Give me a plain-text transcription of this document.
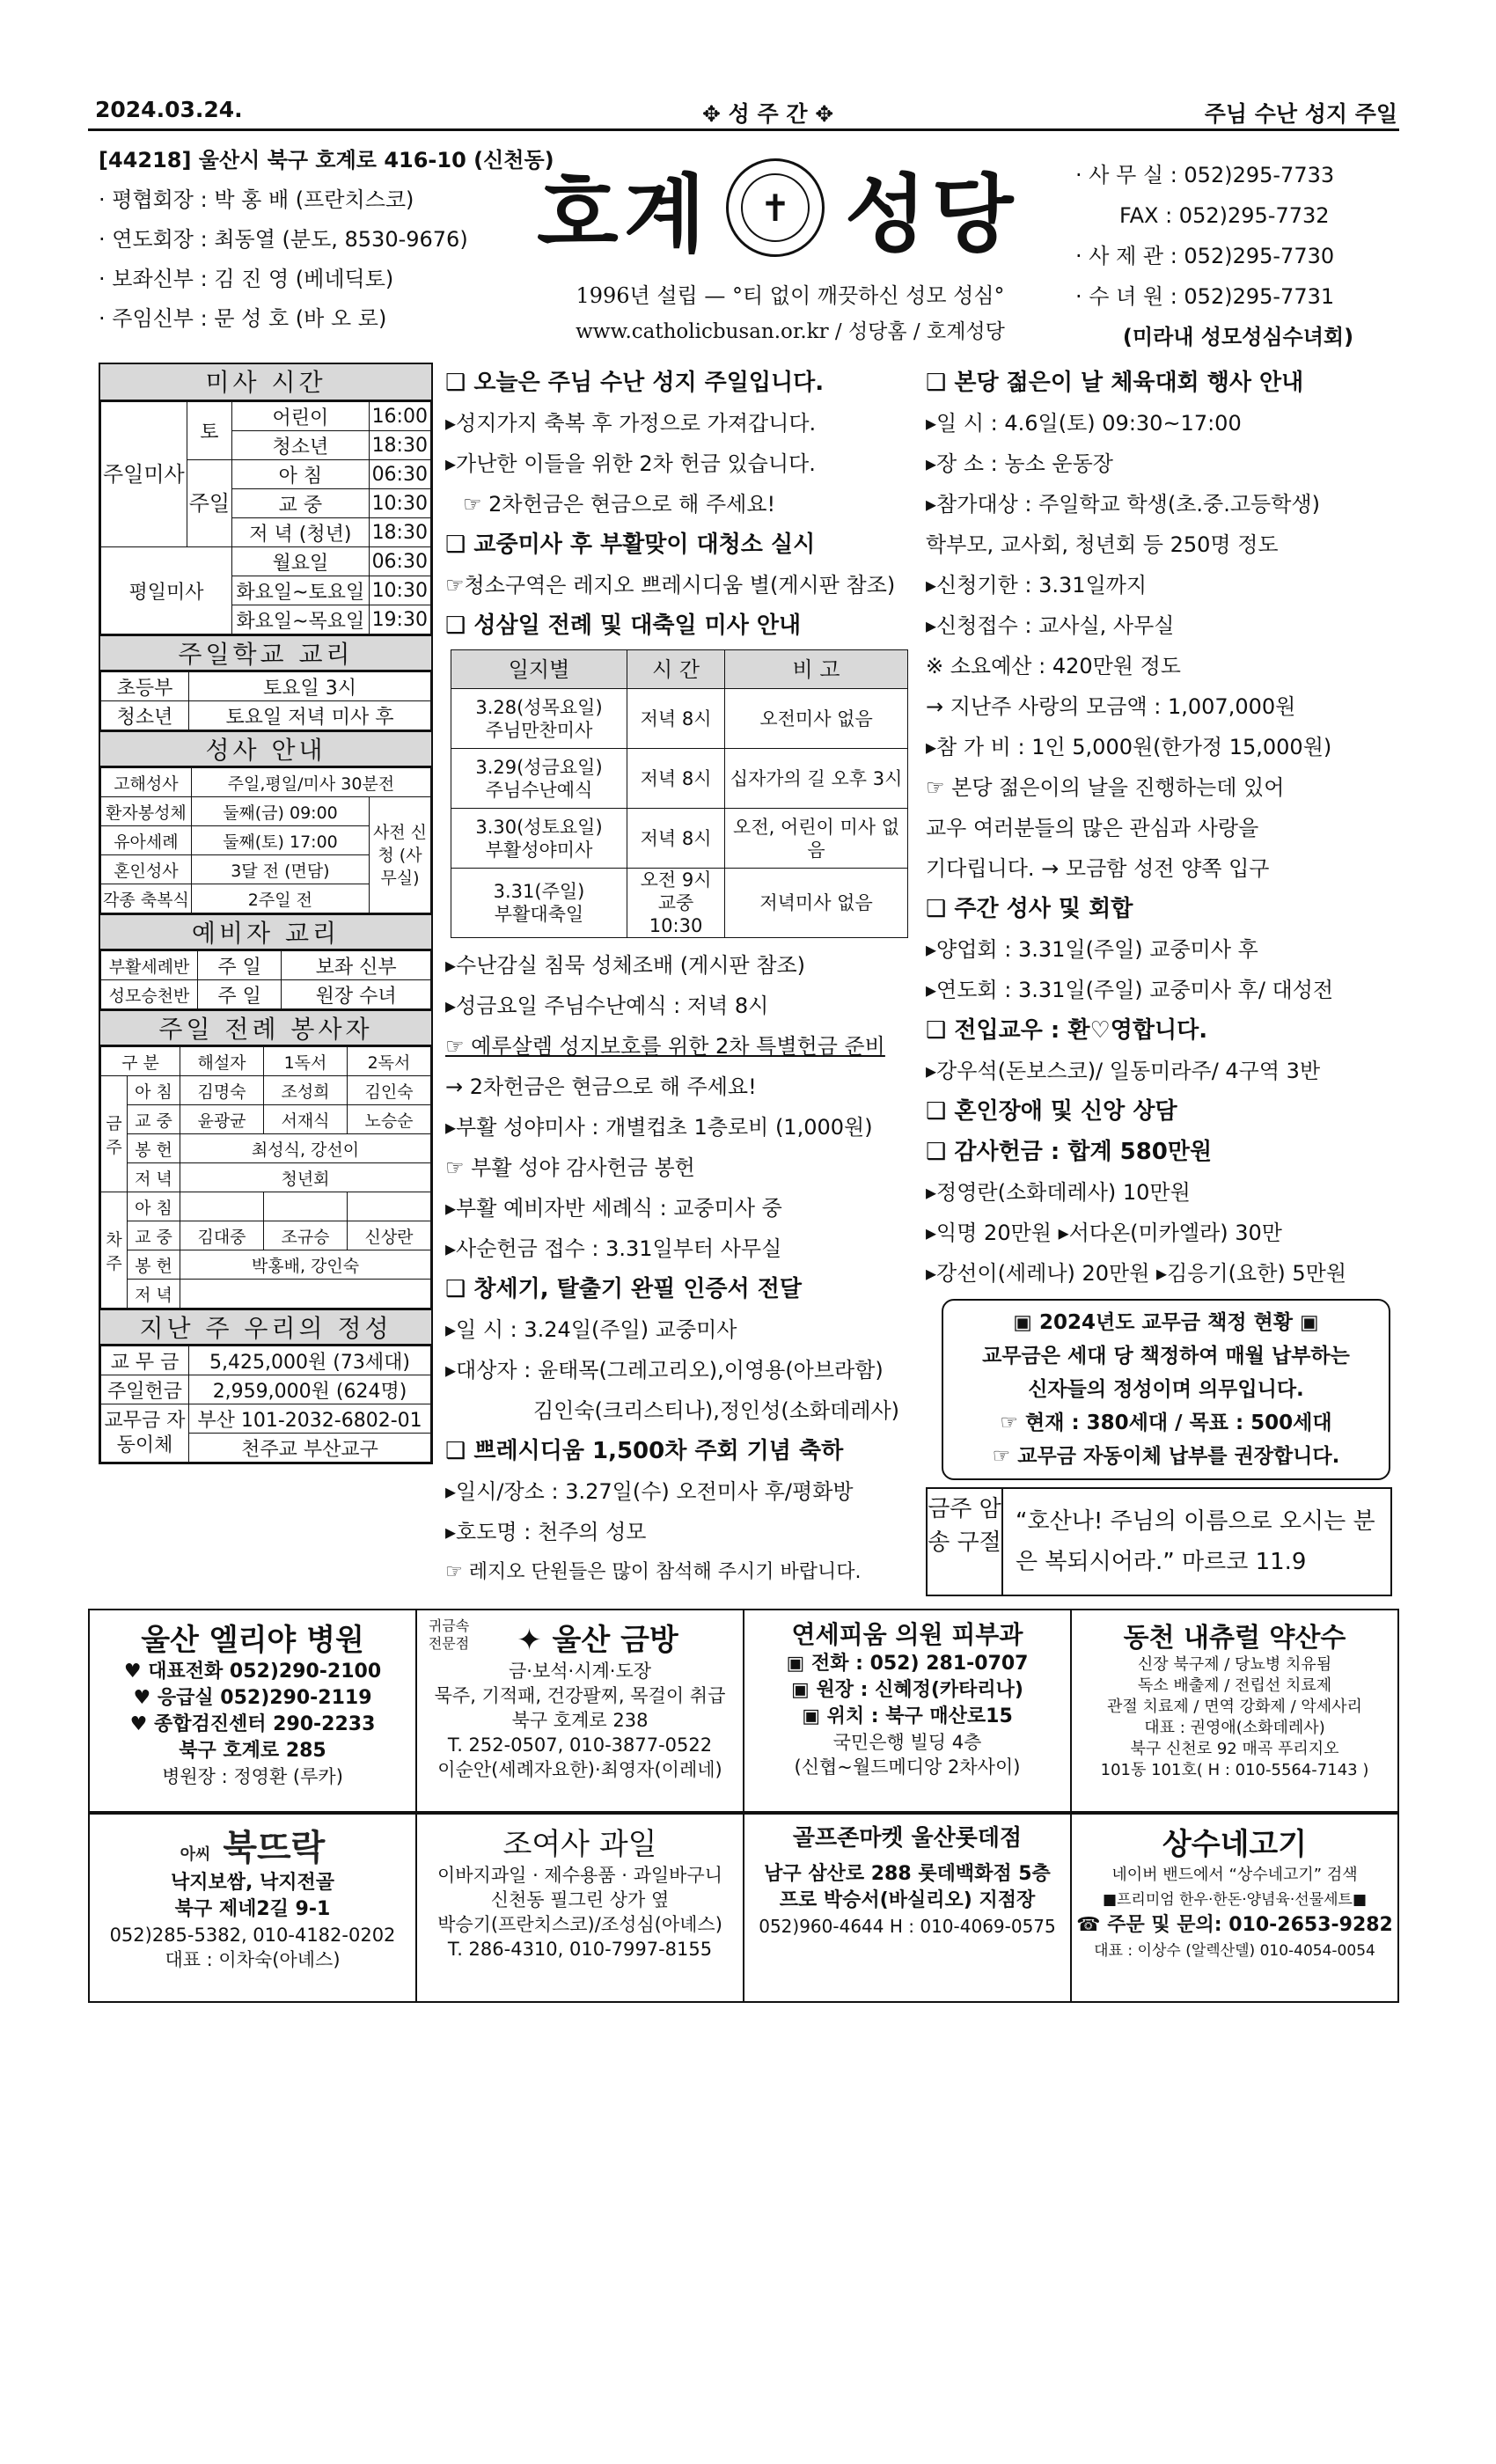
2024.03.24.	✥ 성 주 간 ✥	주님 수난 성지 주일
[44218] 울산시 북구 호계로 416-10 (신천동)
· 평협회장 : 박 홍 배 (프란치스코)
· 연도회장 : 최동열 (분도, 8530-9676)
· 보좌신부 : 김 진 영 (베네딕토)
· 주임신부 : 문 성 호 (바 오 로)
호계	✝ 성당
1996년 설립 — °티 없이 깨끗하신 성모 성심°
www.catholicbusan.or.kr / 성당홈 / 호계성당
· 사 무 실 : 052)295-7733
FAX : 052)295-7732
· 사 제 관 : 052)295-7730
· 수 녀 원 : 052)295-7731
(미라내 성모성심수녀회)
미사 시간
주일미사	토	어린이	16:00
		청소년	18:30
	주일	아 침	06:30
		교 중	10:30
		저 녁 (청년)	18:30
평일미사		월요일	06:30
		화요일~토요일	10:30
		화요일~목요일	19:30
주일학교 교리
초등부	토요일 3시
청소년	토요일 저녁 미사 후
성사 안내
고해성사	주일,평일/미사 30분전	
환자봉성체	둘째(금) 09:00	사전 신청 (사무실)
유아세례	둘째(토) 17:00	
혼인성사	3달 전 (면담)	
각종 축복식	2주일 전	
예비자 교리
부활세례반	주 일	보좌 신부
성모승천반	주 일	원장 수녀
주일 전례 봉사자
구 분		해설자	1독서	2독서
금주	아 침	김명숙	조성희	김인숙
	교 중	윤광균	서재식	노승순
	봉 헌	최성식, 강선이		
	저 녁	청년회		
차주	아 침			
	교 중	김대중	조규승	신상란
	봉 헌	박홍배, 강인숙		
	저 녁			
지난 주 우리의 정성
교 무 금	5,425,000원 (73세대)
주일헌금	2,959,000원 (624명)
교무금 자동이체	부산 101-2032-6802-01
	천주교 부산교구
❑ 오늘은 주님 수난 성지 주일입니다.
▸성지가지 축복 후 가정으로 가져갑니다.
▸가난한 이들을 위한 2차 헌금 있습니다.
☞ 2차헌금은 현금으로 해 주세요!
❑ 교중미사 후 부활맞이 대청소 실시
☞청소구역은 레지오 쁘레시디움 별(게시판 참조)
❑ 성삼일 전례 및 대축일 미사 안내
일지별	시 간	비 고
3.28(성목요일)
주님만찬미사	저녁 8시	오전미사 없음
3.29(성금요일)
주님수난예식	저녁 8시	십자가의 길 오후 3시
3.30(성토요일)
부활성야미사	저녁 8시	오전, 어린이 미사 없음
3.31(주일)
부활대축일	오전 9시
교중 10:30	저녁미사 없음
▸수난감실 침묵 성체조배 (게시판 참조)
▸성금요일 주님수난예식 : 저녁 8시
☞ 예루살렘 성지보호를 위한 2차 특별헌금 준비
→ 2차헌금은 현금으로 해 주세요!
▸부활 성야미사 : 개별컵초 1층로비 (1,000원)
☞ 부활 성야 감사헌금 봉헌
▸부활 예비자반 세례식 : 교중미사 중
▸사순헌금 접수 : 3.31일부터 사무실
❑ 창세기, 탈출기 완필 인증서 전달
▸일 시 : 3.24일(주일) 교중미사
▸대상자 : 윤태목(그레고리오),이영용(아브라함)
김인숙(크리스티나),정인성(소화데레사)
❑ 쁘레시디움 1,500차 주회 기념 축하
▸일시/장소 : 3.27일(수) 오전미사 후/평화방
▸호도명 : 천주의 성모
☞ 레지오 단원들은 많이 참석해 주시기 바랍니다.
❑ 본당 젊은이 날 체육대회 행사 안내
▸일 시 : 4.6일(토) 09:30~17:00
▸장 소 : 농소 운동장
▸참가대상 : 주일학교 학생(초.중.고등학생)
학부모, 교사회, 청년회 등 250명 정도
▸신청기한 : 3.31일까지
▸신청접수 : 교사실, 사무실
※ 소요예산 : 420만원 정도
→ 지난주 사랑의 모금액 : 1,007,000원
▸참 가 비 : 1인 5,000원(한가정 15,000원)
☞ 본당 젊은이의 날을 진행하는데 있어
교우 여러분들의 많은 관심과 사랑을
기다립니다. → 모금함 성전 양쪽 입구
❑ 주간 성사 및 회합
▸양업회 : 3.31일(주일) 교중미사 후
▸연도회 : 3.31일(주일) 교중미사 후/ 대성전
❑ 전입교우 : 환♡영합니다.
▸강우석(돈보스코)/ 일동미라주/ 4구역 3반
❑ 혼인장애 및 신앙 상담
❑ 감사헌금 : 합계 580만원
▸정영란(소화데레사) 10만원
▸익명 20만원 ▸서다온(미카엘라) 30만
▸강선이(세레나) 20만원 ▸김응기(요한) 5만원
▣ 2024년도 교무금 책정 현황 ▣
교무금은 세대 당 책정하여 매월 납부하는
신자들의 정성이며 의무입니다.
☞ 현재 : 380세대 / 목표 : 500세대
☞ 교무금 자동이체 납부를 권장합니다.
금주 암송 구절
“호산나! 주님의 이름으로 오시는 분은 복되시어라.” 마르코 11.9
울산 엘리야 병원
♥ 대표전화 052)290-2100
♥ 응급실 052)290-2119
♥ 종합검진센터 290-2233
북구 호계로 285
병원장 : 정영환 (루카)
귀금속 전문점	✦ 울산 금방
금·보석·시계·도장
묵주, 기적패, 건강팔찌, 목걸이 취급
북구 호계로 238
T. 252-0507, 010-3877-0522
이순안(세례자요한)·최영자(이레네)
연세피움 의원 피부과
▣ 전화 : 052) 281-0707
▣ 원장 : 신혜정(카타리나)
▣ 위치 : 북구 매산로15
국민은행 빌딩 4층
(신협~월드메디앙 2차사이)
동천 내츄럴 약산수
신장 북구제 / 당뇨병 치유됨
독소 배출제 / 전립선 치료제
관절 치료제 / 면역 강화제 / 악세사리
대표 : 권영애(소화데레사)
북구 신천로 92 매곡 푸리지오
101동 101호( H : 010-5564-7143 )
아씨 북뜨락
낙지보쌈, 낙지전골
북구 제네2길 9-1
052)285-5382, 010-4182-0202
대표 : 이차숙(아녜스)
조여사 과일
이바지과일 · 제수용품 · 과일바구니
신천동 필그린 상가 옆
박승기(프란치스코)/조성심(아녜스)
T. 286-4310, 010-7997-8155
골프존마켓 울산롯데점
남구 삼산로 288 롯데백화점 5층
프로 박승서(바실리오) 지점장
052)960-4644 H : 010-4069-0575
상수네고기
네이버 밴드에서 “상수네고기” 검색
■프리미엄 한우·한돈·양념육·선물세트■
☎ 주문 및 문의: 010-2653-9282
대표 : 이상수 (알렉산델) 010-4054-0054
